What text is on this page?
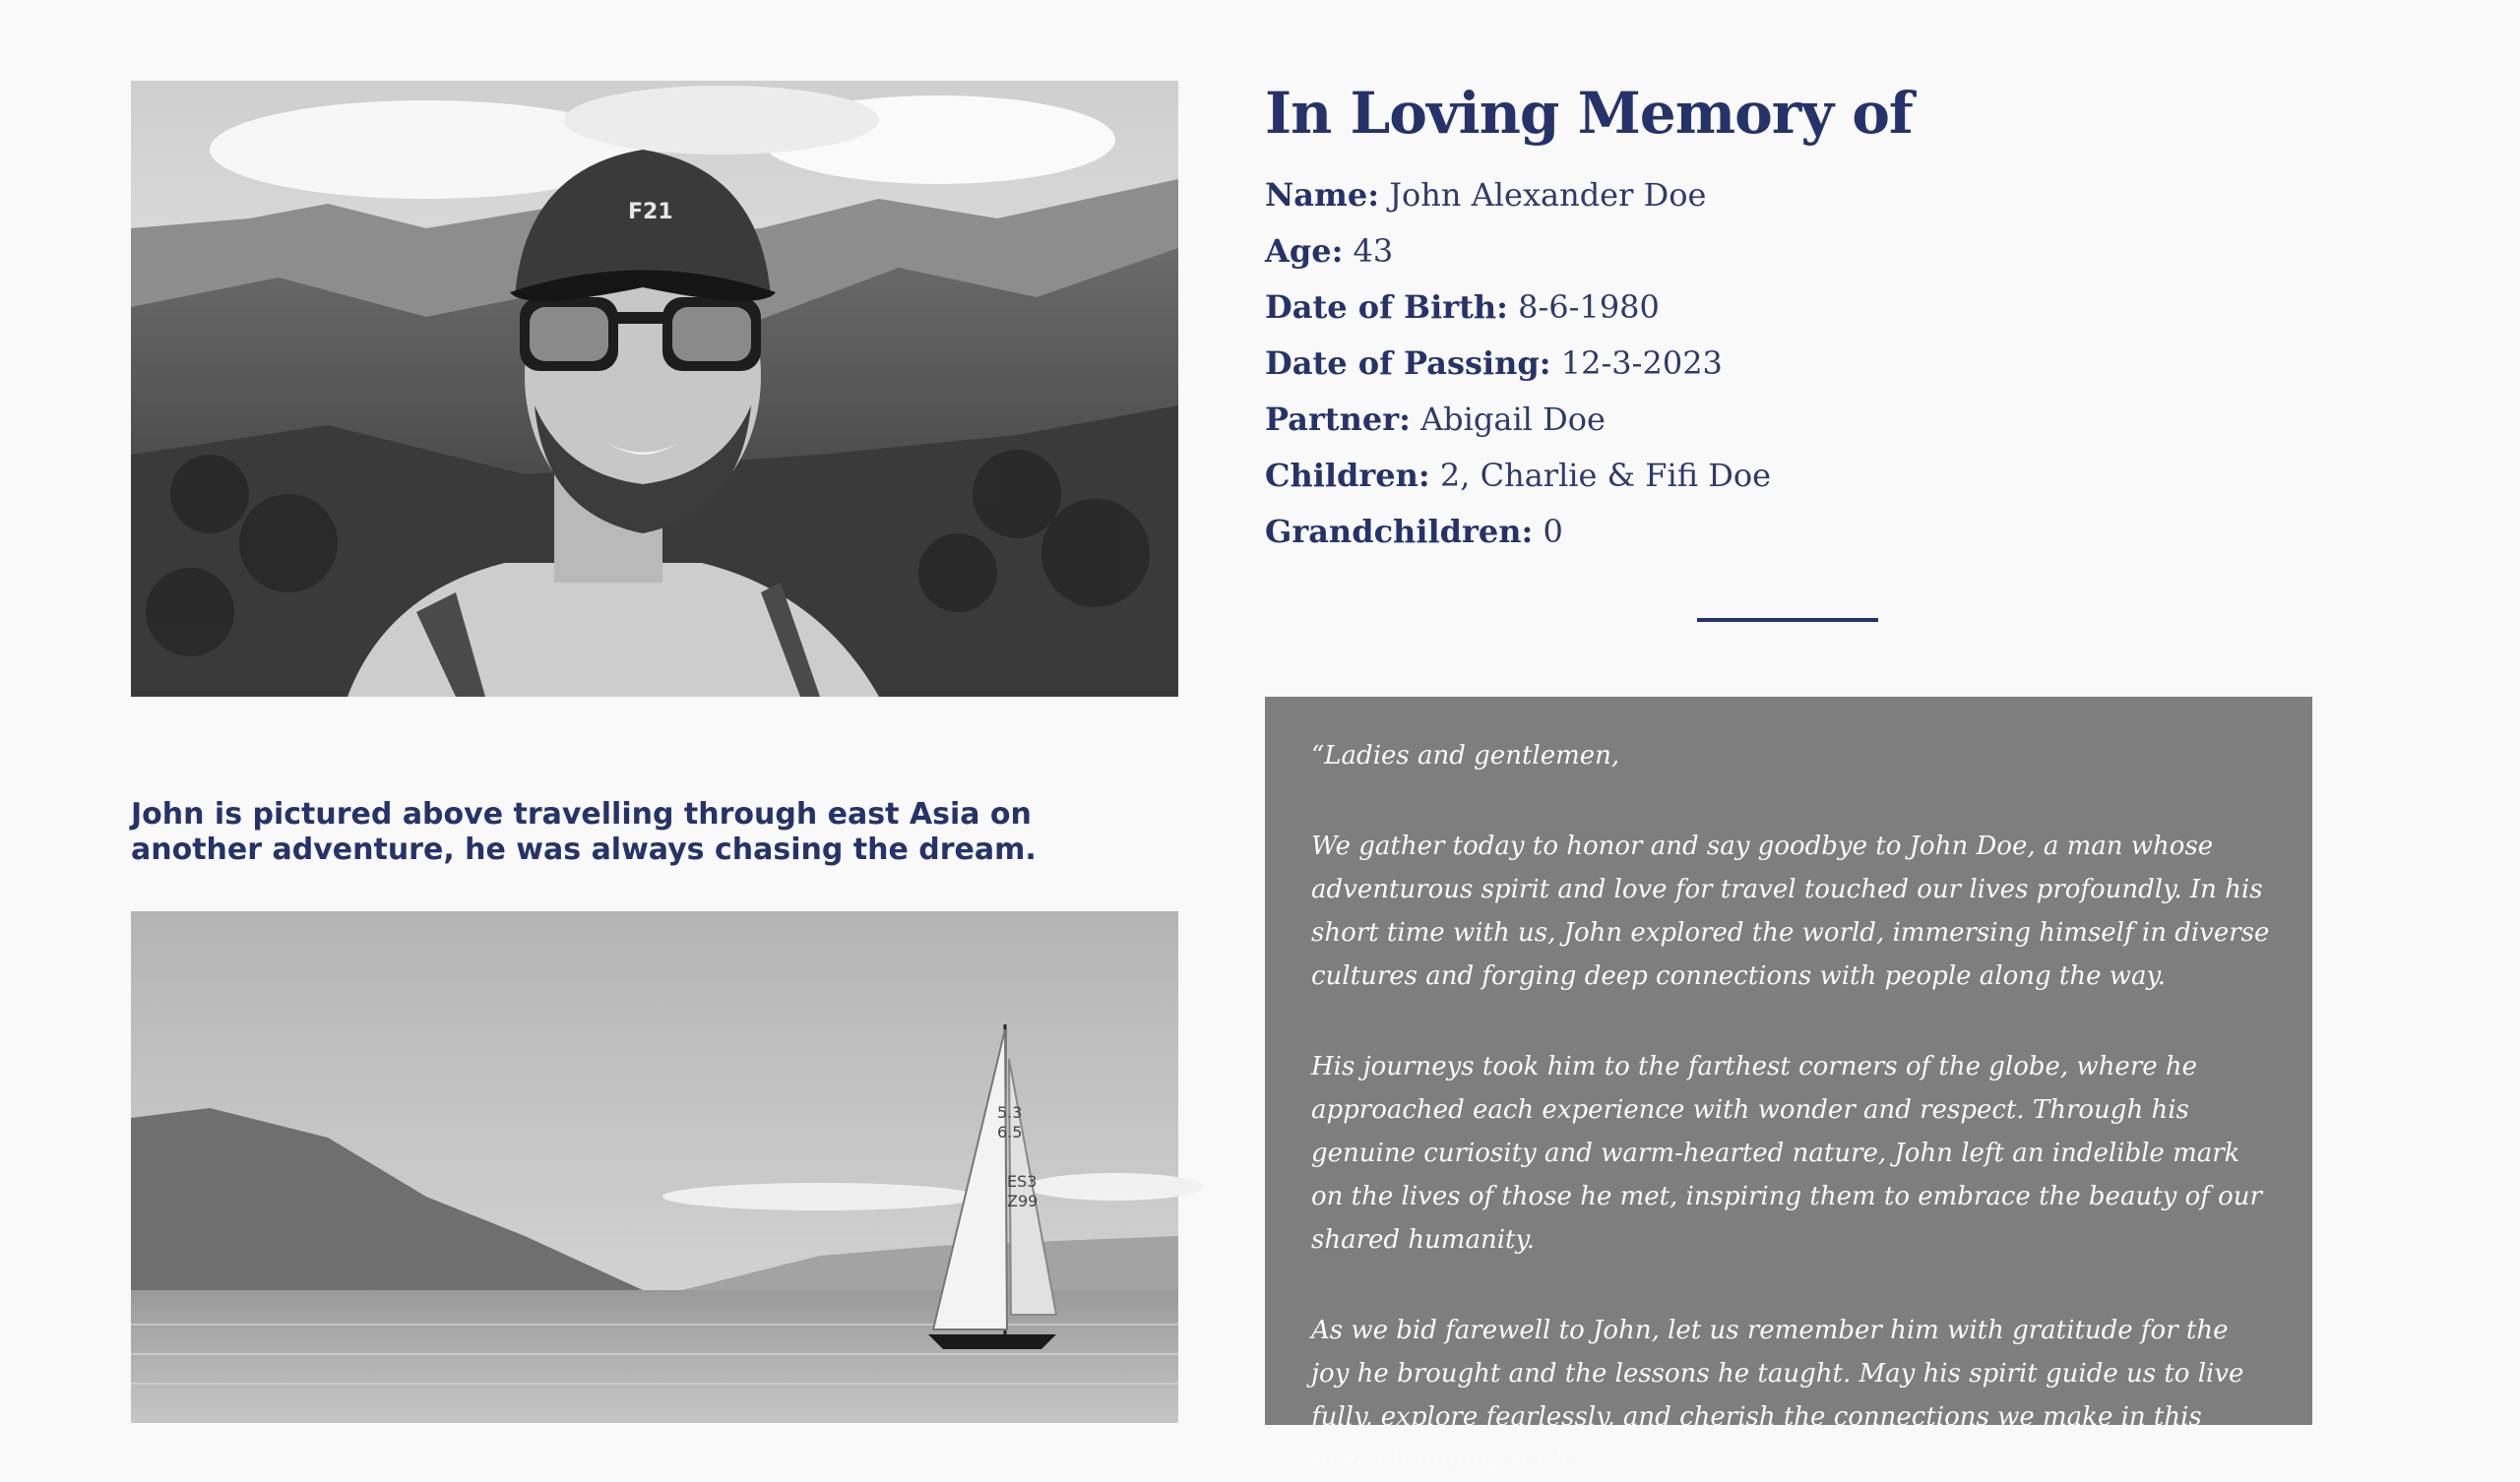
F21

John is pictured above travelling through east Asia on another adventure, he was always chasing the dream.

5.3
6.5
ES3
Z99
In Loving Memory of
Name: John Alexander Doe
Age: 43
Date of Birth: 8-6-1980
Date of Passing: 12-3-2023
Partner: Abigail Doe
Children: 2, Charlie & Fifi Doe
Grandchildren: 0

“Ladies and gentlemen,

We gather today to honor and say goodbye to John Doe, a man whose adventurous spirit and love for travel touched our lives profoundly. In his short time with us, John explored the world, immersing himself in diverse cultures and forging deep connections with people along the way.

His journeys took him to the farthest corners of the globe, where he approached each experience with wonder and respect. Through his genuine curiosity and warm-hearted nature, John left an indelible mark on the lives of those he met, inspiring them to embrace the beauty of our shared humanity.

As we bid farewell to John, let us remember him with gratitude for the joy he brought and the lessons he taught. May his spirit guide us to live fully, explore fearlessly, and cherish the connections we make in this ever-changing world.
